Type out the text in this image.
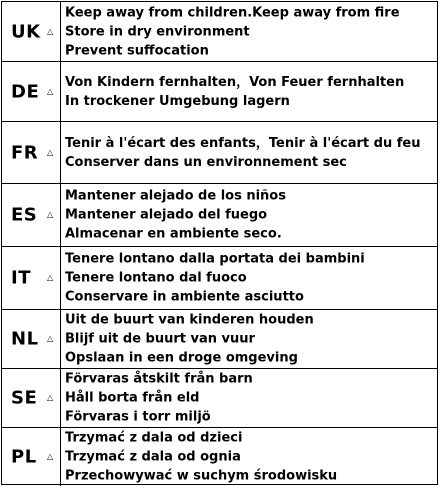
UK △
Keep away from children.Keep away from fire
Store in dry environment
Prevent suffocation
DE △
Von Kindern fernhalten，Von Feuer fernhalten
In trockener Umgebung lagern
FR △
Tenir à l'écart des enfants，Tenir à l'écart du feu
Conserver dans un environnement sec
ES △
Mantener alejado de los niños
Mantener alejado del fuego
Almacenar en ambiente seco.
IT △
Tenere lontano dalla portata dei bambini
Tenere lontano dal fuoco
Conservare in ambiente asciutto
NL △
Uit de buurt van kinderen houden
Blijf uit de buurt van vuur
Opslaan in een droge omgeving
SE △
Förvaras åtskilt från barn
Håll borta från eld
Förvaras i torr miljö
PL △
Trzymać z dala od dzieci
Trzymać z dala od ognia
Przechowywać w suchym środowisku
